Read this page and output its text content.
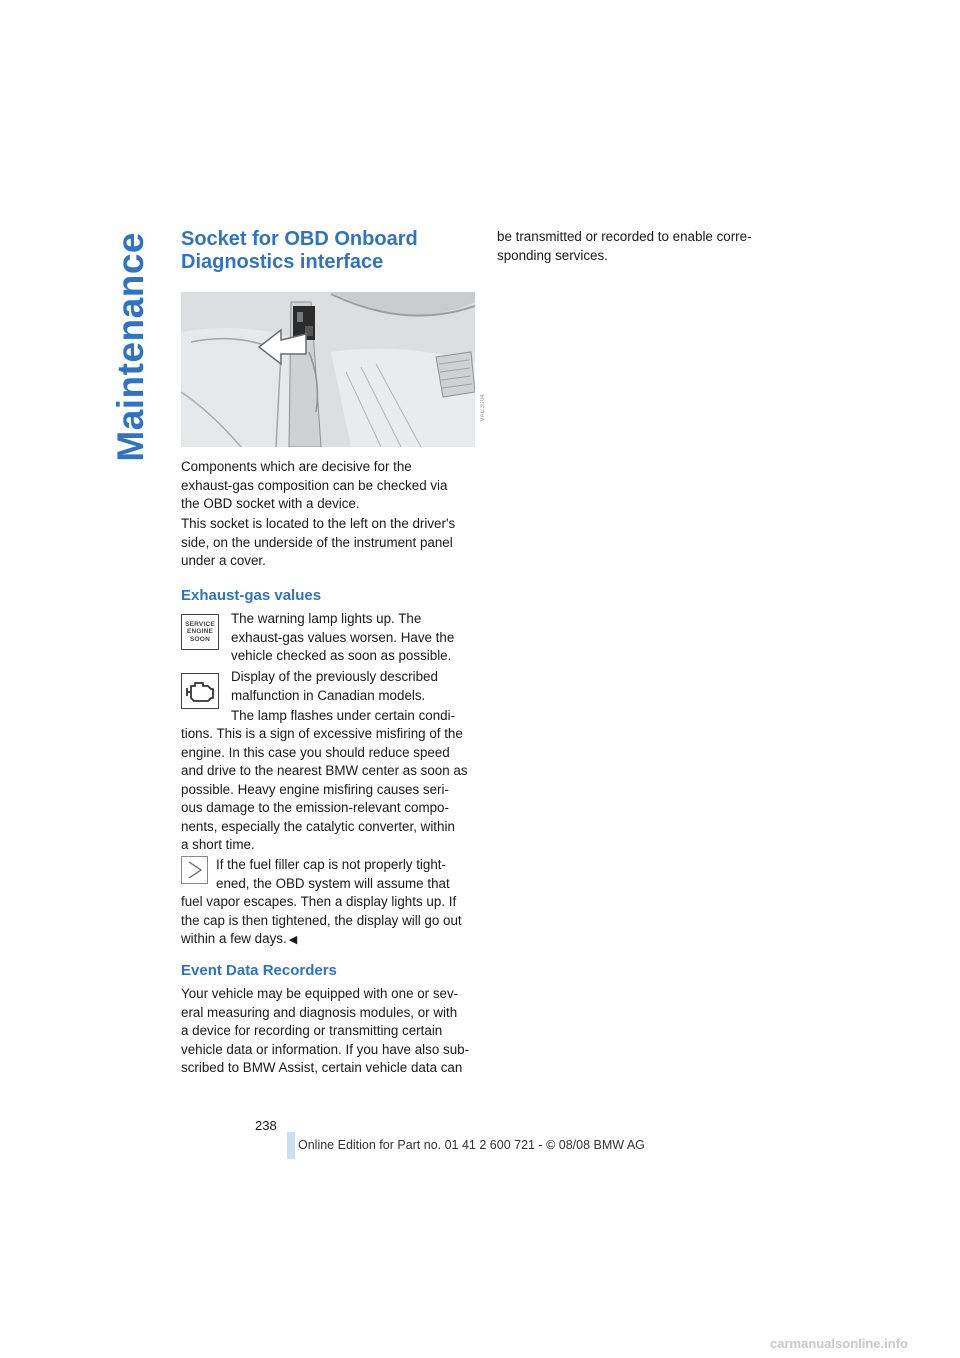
Maintenance Socket for OBD Onboard
Diagnostics interface
VAC3004

Components which are decisive for the

exhaust-gas composition can be checked via

the OBD socket with a device.

This socket is located to the left on the driver's

side, on the underside of the instrument panel

under a cover.

Exhaust-gas values
SERVICE
ENGINE
SOON

The warning lamp lights up. The

exhaust-gas values worsen. Have the

vehicle checked as soon as possible.

Display of the previously described

malfunction in Canadian models.

The lamp flashes under certain condi-

tions. This is a sign of excessive misfiring of the

engine. In this case you should reduce speed

and drive to the nearest BMW center as soon as

possible. Heavy engine misfiring causes seri-

ous damage to the emission-relevant compo-

nents, especially the catalytic converter, within

a short time.

If the fuel filler cap is not properly tight-

ened, the OBD system will assume that

fuel vapor escapes. Then a display lights up. If

the cap is then tightened, the display will go out

within a few days. ◀

Event Data Recorders

Your vehicle may be equipped with one or sev-

eral measuring and diagnosis modules, or with

a device for recording or transmitting certain

vehicle data or information. If you have also sub-

scribed to BMW Assist, certain vehicle data can

be transmitted or recorded to enable corre-

sponding services.

238
Online Edition for Part no. 01 41 2 600 721 - © 08/08 BMW AG
carmanualsonline.info
